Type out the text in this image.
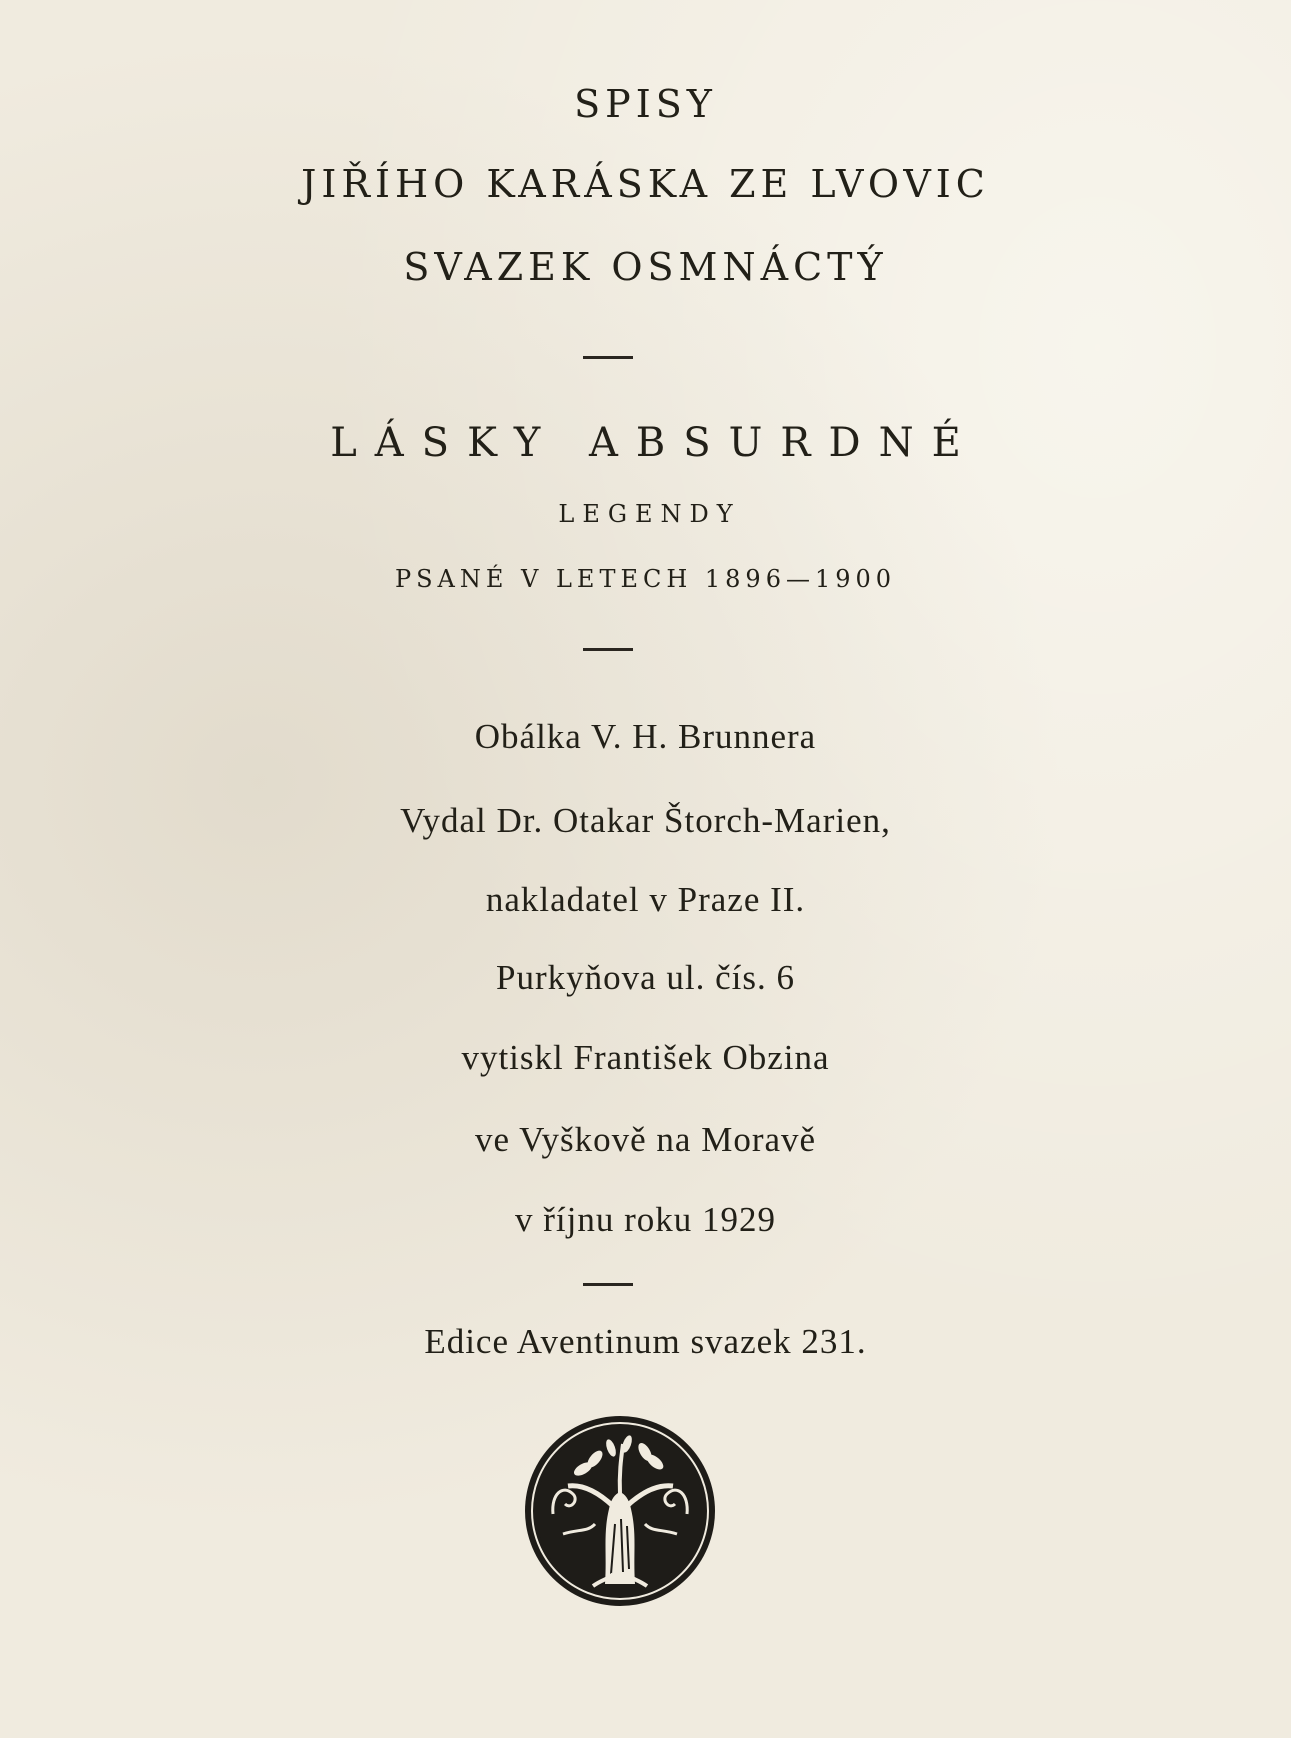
SPISY
JIŘÍHO KARÁSKA ZE LVOVIC
SVAZEK OSMNÁCTÝ
LÁSKY ABSURDNÉ
LEGENDY
PSANÉ V LETECH 1896—1900
Obálka V. H. Brunnera
Vydal Dr. Otakar Štorch-Marien,
nakladatel v Praze II.
Purkyňova ul. čís. 6
vytiskl František Obzina
ve Vyškově na Moravě
v říjnu roku 1929
Edice Aventinum svazek 231.
